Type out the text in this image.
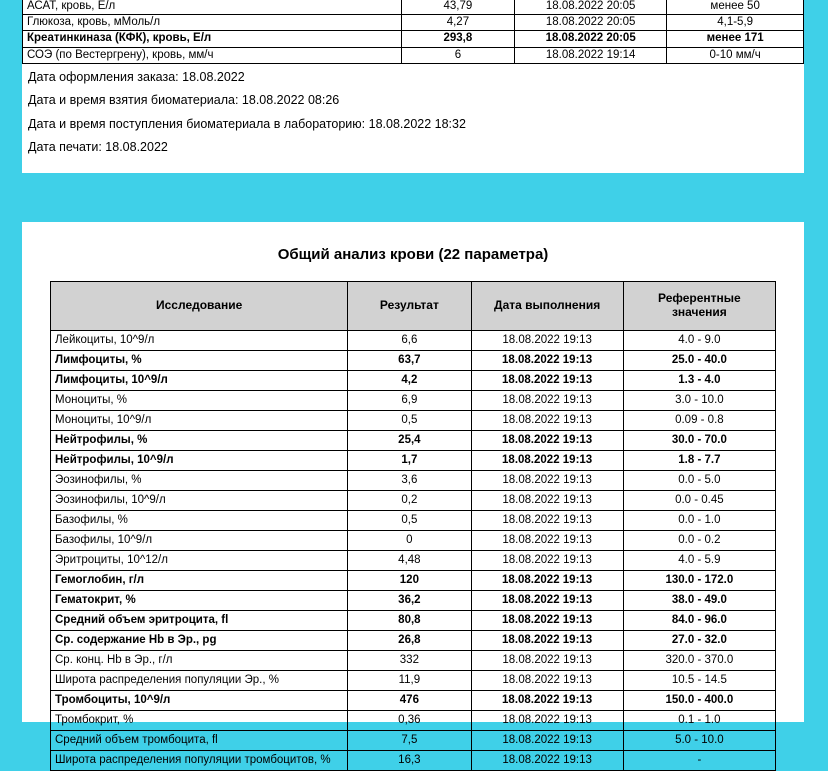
АСАТ, кровь, Е/л	43,79	18.08.2022 20:05	менее 50
Глюкоза, кровь, мМоль/л	4,27	18.08.2022 20:05	4,1-5,9
Креатинкиназа (КФК), кровь, Е/л	293,8	18.08.2022 20:05	менее 171
СОЭ (по Вестергрену), кровь, мм/ч	6	18.08.2022 19:14	0-10 мм/ч

Дата оформления заказа: 18.08.2022

Дата и время взятия биоматериала: 18.08.2022 08:26

Дата и время поступления биоматериала в лабораторию: 18.08.2022 18:32

Дата печати: 18.08.2022

Общий анализ крови (22 параметра)
Исследование	Результат	Дата выполнения	Референтные
значения
Лейкоциты, 10^9/л	6,6	18.08.2022 19:13	4.0 - 9.0
Лимфоциты, %	63,7	18.08.2022 19:13	25.0 - 40.0
Лимфоциты, 10^9/л	4,2	18.08.2022 19:13	1.3 - 4.0
Моноциты, %	6,9	18.08.2022 19:13	3.0 - 10.0
Моноциты, 10^9/л	0,5	18.08.2022 19:13	0.09 - 0.8
Нейтрофилы, %	25,4	18.08.2022 19:13	30.0 - 70.0
Нейтрофилы, 10^9/л	1,7	18.08.2022 19:13	1.8 - 7.7
Эозинофилы, %	3,6	18.08.2022 19:13	0.0 - 5.0
Эозинофилы, 10^9/л	0,2	18.08.2022 19:13	0.0 - 0.45
Базофилы, %	0,5	18.08.2022 19:13	0.0 - 1.0
Базофилы, 10^9/л	0	18.08.2022 19:13	0.0 - 0.2
Эритроциты, 10^12/л	4,48	18.08.2022 19:13	4.0 - 5.9
Гемоглобин, г/л	120	18.08.2022 19:13	130.0 - 172.0
Гематокрит, %	36,2	18.08.2022 19:13	38.0 - 49.0
Средний объем эритроцита, fl	80,8	18.08.2022 19:13	84.0 - 96.0
Ср. содержание Hb в Эр., pg	26,8	18.08.2022 19:13	27.0 - 32.0
Ср. конц. Hb в Эр., г/л	332	18.08.2022 19:13	320.0 - 370.0
Широта распределения популяции Эр., %	11,9	18.08.2022 19:13	10.5 - 14.5
Тромбоциты, 10^9/л	476	18.08.2022 19:13	150.0 - 400.0
Тромбокрит, %	0,36	18.08.2022 19:13	0.1 - 1.0
Средний объем тромбоцита, fl	7,5	18.08.2022 19:13	5.0 - 10.0
Широта распределения популяции тромбоцитов, %	16,3	18.08.2022 19:13	-
